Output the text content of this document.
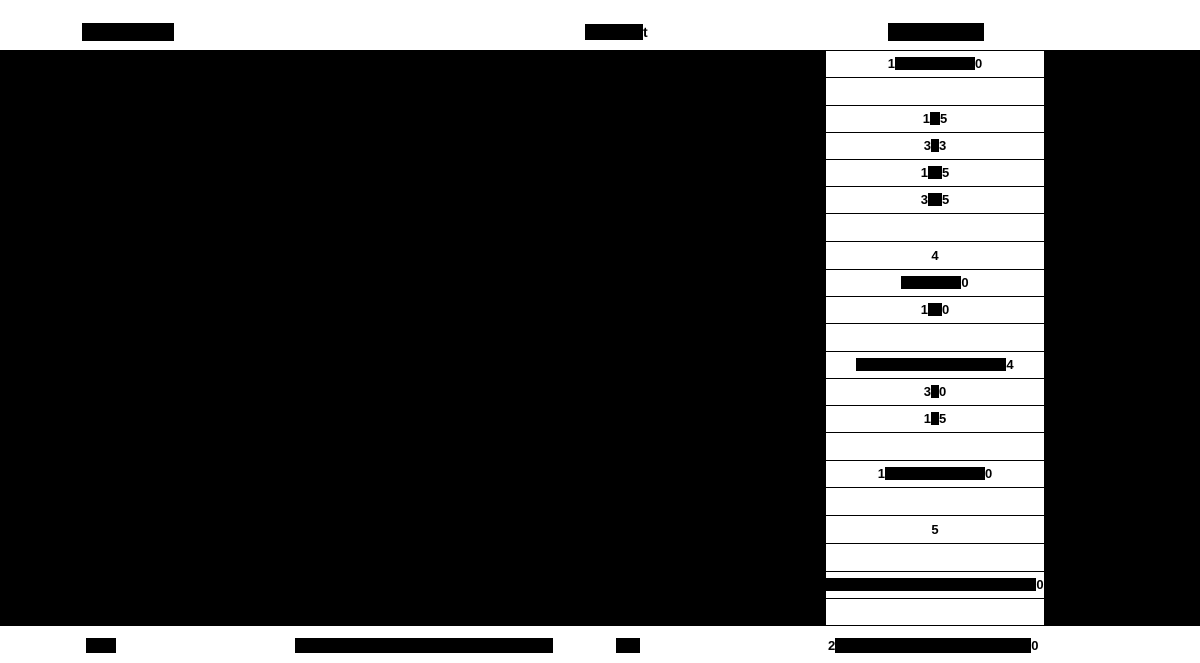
t
1	0
1 5
3 3
1 5
3 5
4
0
1 0
4
3 0
1 5
1	0
5
0
2	0
